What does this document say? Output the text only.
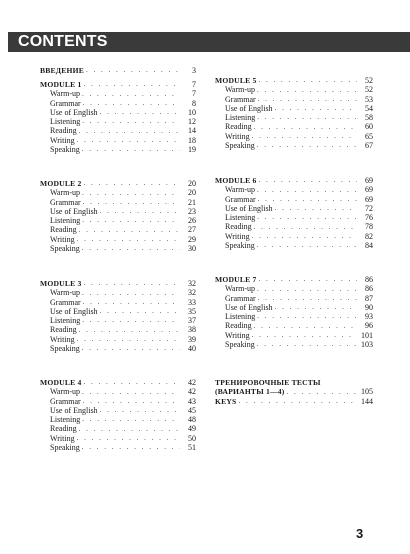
CONTENTS
3
ВВЕДЕНИЕ . . .	3
MODULE 1 . . .	7
Warm-up . . .	7
Grammar . . .	8
Use of English . . .	10
Listening . . .	12
Reading . . .	14
Writing . . .	18
Speaking . . .	19
MODULE 2 . . .	20
Warm-up . . .	20
Grammar . . .	21
Use of English . . .	23
Listening . . .	26
Reading . . .	27
Writing . . .	29
Speaking . . .	30
MODULE 3 . . .	32
Warm-up . . .	32
Grammar . . .	33
Use of English . . .	35
Listening . . .	37
Reading . . .	38
Writing . . .	39
Speaking . . .	40
MODULE 4 . . .	42
Warm-up . . .	42
Grammar . . .	43
Use of English . . .	45
Listening . . .	48
Reading . . .	49
Writing . . .	50
Speaking . . .	51
MODULE 5 . . .	52
Warm-up . . .	52
Grammar . . .	53
Use of English . . .	54
Listening . . .	58
Reading . . .	60
Writing . . .	65
Speaking . . .	67
MODULE 6 . . .	69
Warm-up . . .	69
Grammar . . .	69
Use of English . . .	72
Listening . . .	76
Reading . . .	78
Writing . . .	82
Speaking . . .	84
MODULE 7 . . .	86
Warm-up . . .	86
Grammar . . .	87
Use of English . . .	90
Listening . . .	93
Reading . . .	96
Writing . . .	101
Speaking . . .	103
ТРЕНИРОВОЧНЫЕ ТЕСТЫ
(ВАРИАНТЫ 1—4) . . .	105
KEYS . . .	144
